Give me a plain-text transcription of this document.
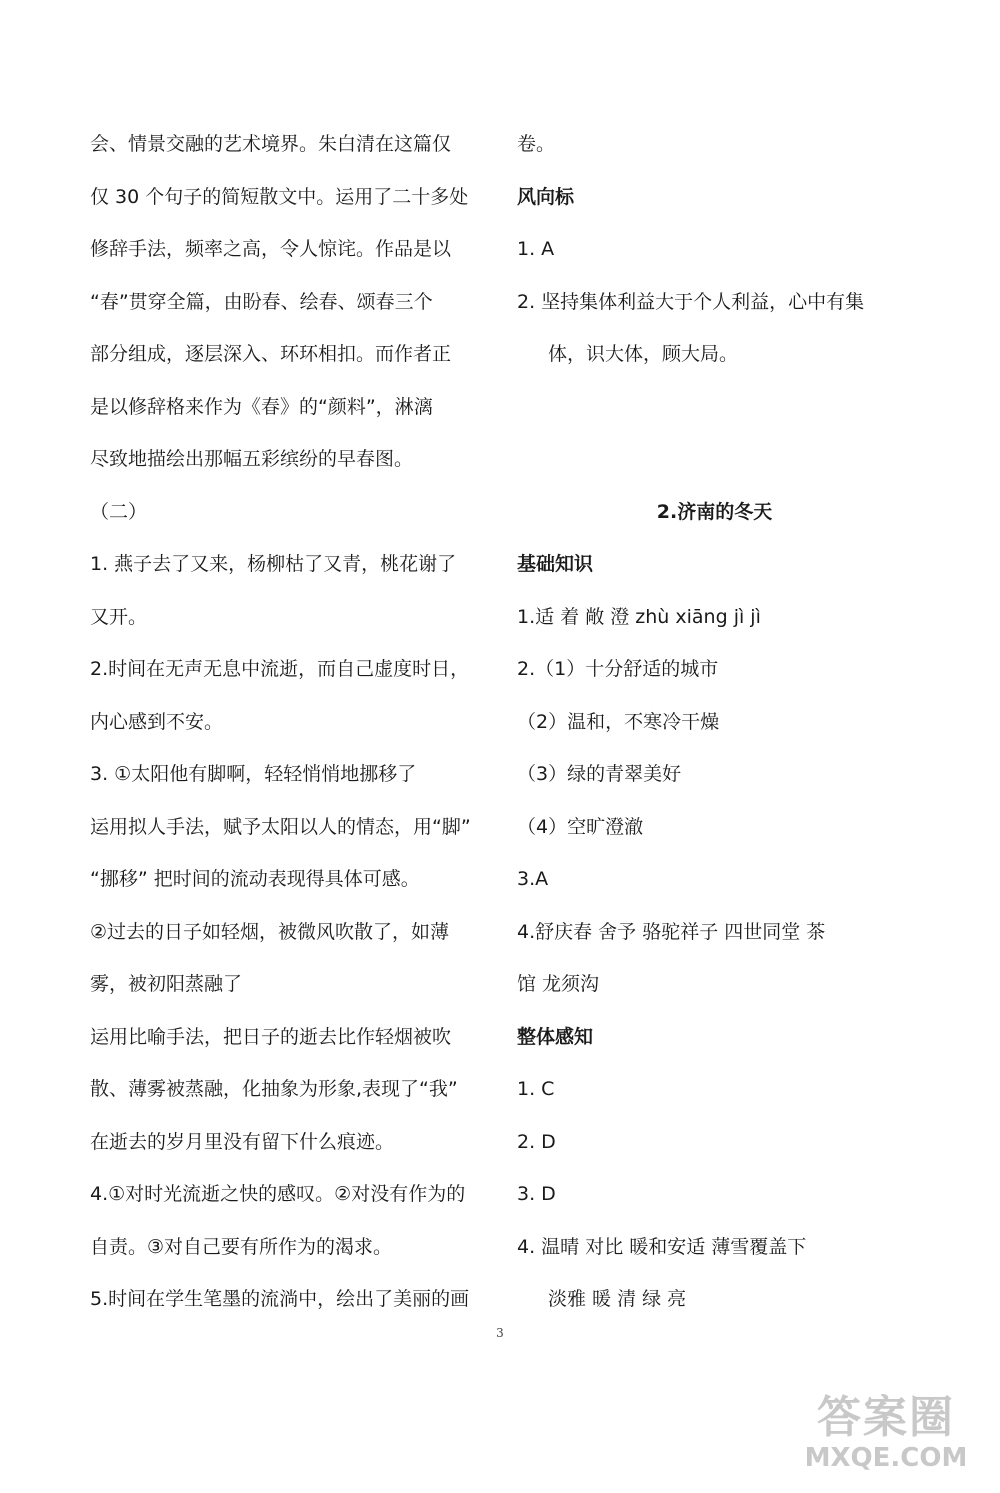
会、情景交融的艺术境界。朱白清在这篇仅
仅 30 个句子的简短散文中。运用了二十多处
修辞手法，频率之高，令人惊诧。作品是以
“春”贯穿全篇，由盼春、绘春、颂春三个
部分组成，逐层深入、环环相扣。而作者正
是以修辞格来作为《春》的“颜料”，淋漓
尽致地描绘出那幅五彩缤纷的早春图。
（二）
1. 燕子去了又来，杨柳枯了又青，桃花谢了
又开。
2.时间在无声无息中流逝，而自己虚度时日，
内心感到不安。
3. ①太阳他有脚啊，轻轻悄悄地挪移了
运用拟人手法，赋予太阳以人的情态，用“脚”
“挪移” 把时间的流动表现得具体可感。
②过去的日子如轻烟，被微风吹散了，如薄
雾，被初阳蒸融了
运用比喻手法，把日子的逝去比作轻烟被吹
散、薄雾被蒸融，化抽象为形象,表现了“我”
在逝去的岁月里没有留下什么痕迹。
4.①对时光流逝之快的感叹。②对没有作为的
自责。③对自己要有所作为的渴求。
5.时间在学生笔墨的流淌中，绘出了美丽的画
卷。
风向标
1. A
2. 坚持集体利益大于个人利益，心中有集
体，识大体，顾大局。
2.济南的冬天
基础知识
1.适 着 敞 澄 zhù xiāng jì jì
2.（1）十分舒适的城市
（2）温和，不寒冷干燥
（3）绿的青翠美好
（4）空旷澄澈
3.A
4.舒庆春 舍予 骆驼祥子 四世同堂 茶
馆 龙须沟
整体感知
1. C
2. D
3. D
4. 温晴 对比 暖和安适 薄雪覆盖下
淡雅 暖 清 绿 亮
3
答案圈
MXQE.COM
